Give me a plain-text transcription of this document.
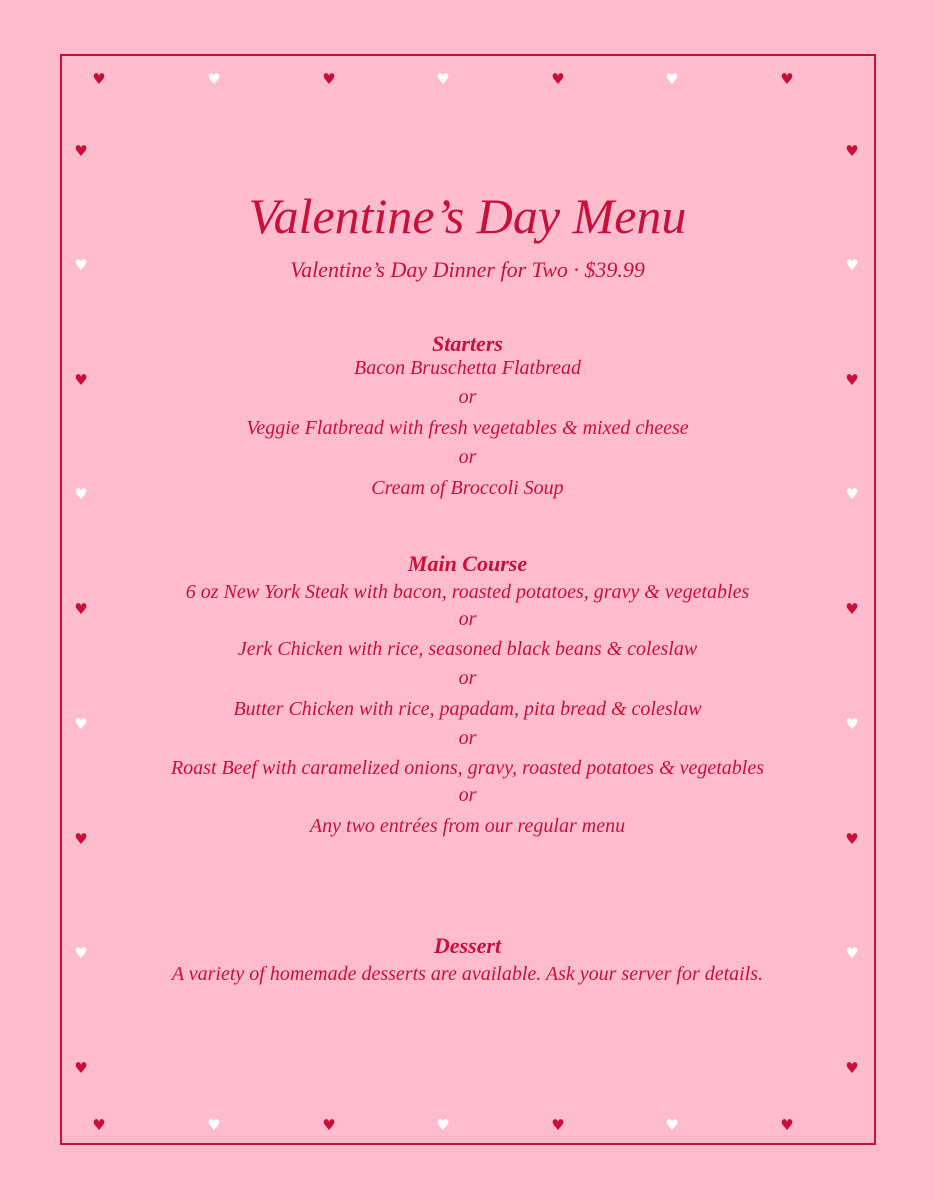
♥	♥	♥	♥	♥	♥	♥
♥	♥	♥	♥	♥	♥	♥
♥	♥
♥	♥
♥	♥
♥	♥
♥	♥
♥	♥
♥	♥
♥	♥
♥	♥
Valentine’s Day Menu
Valentine’s Day Dinner for Two · $39.99

Starters

Bacon Bruschetta Flatbread

or

Veggie Flatbread with fresh vegetables & mixed cheese

or

Cream of Broccoli Soup

Main Course

6 oz New York Steak with bacon, roasted potatoes, gravy & vegetables

or

Jerk Chicken with rice, seasoned black beans & coleslaw

or

Butter Chicken with rice, papadam, pita bread & coleslaw

or

Roast Beef with caramelized onions, gravy, roasted potatoes & vegetables

or

Any two entrées from our regular menu

Dessert

A variety of homemade desserts are available. Ask your server for details.
